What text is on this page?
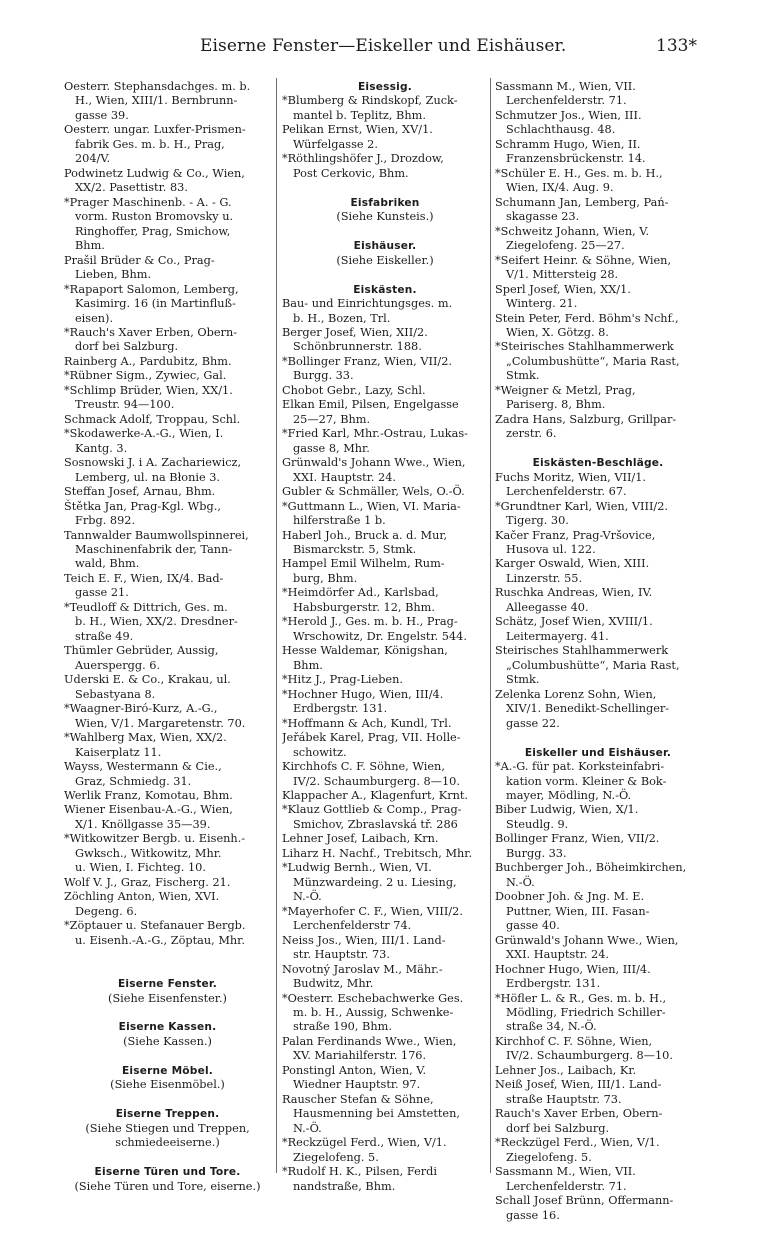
Eiserne Fenster—Eiskeller und Eishäuser.	133*
Oesterr. Stephansdachges. m. b.
H., Wien, XIII/1. Bernbrunn-
gasse 39.
Oesterr. ungar. Luxfer-Prismen-
fabrik Ges. m. b. H., Prag,
204/V.
Podwinetz Ludwig & Co., Wien,
XX/2. Pasettistr. 83.
*Prager Maschinenb. - A. - G.
vorm. Ruston Bromovsky u.
Ringhoffer, Prag, Smichow,
Bhm.
Prašil Brüder & Co., Prag-
Lieben, Bhm.
*Rapaport Salomon, Lemberg,
Kasimirg. 16 (in Martinfluß-
eisen).
*Rauch's Xaver Erben, Obern-
dorf bei Salzburg.
Rainberg A., Pardubitz, Bhm.
*Rübner Sigm., Zywiec, Gal.
*Schlimp Brüder, Wien, XX/1.
Treustr. 94—100.
Schmack Adolf, Troppau, Schl.
*Skodawerke-A.-G., Wien, I.
Kantg. 3.
Sosnowski J. i A. Zachariewicz,
Lemberg, ul. na Błonie 3.
Steffan Josef, Arnau, Bhm.
Štětka Jan, Prag-Kgl. Wbg.,
Frbg. 892.
Tannwalder Baumwollspinnerei,
Maschinenfabrik der, Tann-
wald, Bhm.
Teich E. F., Wien, IX/4. Bad-
gasse 21.
*Teudloff & Dittrich, Ges. m.
b. H., Wien, XX/2. Dresdner-
straße 49.
Thümler Gebrüder, Aussig,
Auerspergg. 6.
Uderski E. & Co., Krakau, ul.
Sebastyana 8.
*Waagner-Biró-Kurz, A.-G.,
Wien, V/1. Margaretenstr. 70.
*Wahlberg Max, Wien, XX/2.
Kaiserplatz 11.
Wayss, Westermann & Cie.,
Graz, Schmiedg. 31.
Werlik Franz, Komotau, Bhm.
Wiener Eisenbau-A.-G., Wien,
X/1. Knöllgasse 35—39.
*Witkowitzer Bergb. u. Eisenh.-
Gwksch., Witkowitz, Mhr.
u. Wien, I. Fichteg. 10.
Wolf V. J., Graz, Fischerg. 21.
Zöchling Anton, Wien, XVI.
Degeng. 6.
*Zöptauer u. Stefanauer Bergb.
u. Eisenh.-A.-G., Zöptau, Mhr.
Eiserne Fenster.
(Siehe Eisenfenster.)
Eiserne Kassen.
(Siehe Kassen.)
Eiserne Möbel.
(Siehe Eisenmöbel.)
Eiserne Treppen.
(Siehe Stiegen und Treppen,
schmiedeeiserne.)
Eiserne Türen und Tore.
(Siehe Türen und Tore, eiserne.)
Eisessig.
*Blumberg & Rindskopf, Zuck-
mantel b. Teplitz, Bhm.
Pelikan Ernst, Wien, XV/1.
Würfelgasse 2.
*Röthlingshöfer J., Drozdow,
Post Cerkovic, Bhm.
Eisfabriken
(Siehe Kunsteis.)
Eishäuser.
(Siehe Eiskeller.)
Eiskästen.
Bau- und Einrichtungsges. m.
b. H., Bozen, Trl.
Berger Josef, Wien, XII/2.
Schönbrunnerstr. 188.
*Bollinger Franz, Wien, VII/2.
Burgg. 33.
Chobot Gebr., Lazy, Schl.
Elkan Emil, Pilsen, Engelgasse
25—27, Bhm.
*Fried Karl, Mhr.-Ostrau, Lukas-
gasse 8, Mhr.
Grünwald's Johann Wwe., Wien,
XXI. Hauptstr. 24.
Gubler & Schmäller, Wels, O.-Ö.
*Guttmann L., Wien, VI. Maria-
hilferstraße 1 b.
Haberl Joh., Bruck a. d. Mur,
Bismarckstr. 5, Stmk.
Hampel Emil Wilhelm, Rum-
burg, Bhm.
*Heimdörfer Ad., Karlsbad,
Habsburgerstr. 12, Bhm.
*Herold J., Ges. m. b. H., Prag-
Wrschowitz, Dr. Engelstr. 544.
Hesse Waldemar, Königshan,
Bhm.
*Hitz J., Prag-Lieben.
*Hochner Hugo, Wien, III/4.
Erdbergstr. 131.
*Hoffmann & Ach, Kundl, Trl.
Jeřábek Karel, Prag, VII. Holle-
schowitz.
Kirchhofs C. F. Söhne, Wien,
IV/2. Schaumburgerg. 8—10.
Klappacher A., Klagenfurt, Krnt.
*Klauz Gottlieb & Comp., Prag-
Smichov, Zbraslavská tř. 286
Lehner Josef, Laibach, Krn.
Liharz H. Nachf., Trebitsch, Mhr.
*Ludwig Bernh., Wien, VI.
Münzwardeing. 2 u. Liesing,
N.-Ö.
*Mayerhofer C. F., Wien, VIII/2.
Lerchenfelderstr 74.
Neiss Jos., Wien, III/1. Land-
str. Hauptstr. 73.
Novotný Jaroslav M., Mähr.-
Budwitz, Mhr.
*Oesterr. Eschebachwerke Ges.
m. b. H., Aussig, Schwenke-
straße 190, Bhm.
Palan Ferdinands Wwe., Wien,
XV. Mariahilferstr. 176.
Ponstingl Anton, Wien, V.
Wiedner Hauptstr. 97.
Rauscher Stefan & Söhne,
Hausmenning bei Amstetten,
N.-Ö.
*Reckzügel Ferd., Wien, V/1.
Ziegelofeng. 5.
*Rudolf H. K., Pilsen, Ferdi
nandstraße, Bhm.
Sassmann M., Wien, VII.
Lerchenfelderstr. 71.
Schmutzer Jos., Wien, III.
Schlachthausg. 48.
Schramm Hugo, Wien, II.
Franzensbrückenstr. 14.
*Schüler E. H., Ges. m. b. H.,
Wien, IX/4. Aug. 9.
Schumann Jan, Lemberg, Pań-
skagasse 23.
*Schweitz Johann, Wien, V.
Ziegelofeng. 25—27.
*Seifert Heinr. & Söhne, Wien,
V/1. Mittersteig 28.
Sperl Josef, Wien, XX/1.
Winterg. 21.
Stein Peter, Ferd. Böhm's Nchf.,
Wien, X. Götzg. 8.
*Steirisches Stahlhammerwerk
„Columbushütte“, Maria Rast,
Stmk.
*Weigner & Metzl, Prag,
Pariserg. 8, Bhm.
Zadra Hans, Salzburg, Grillpar-
zerstr. 6.
Eiskästen-Beschläge.
Fuchs Moritz, Wien, VII/1.
Lerchenfelderstr. 67.
*Grundtner Karl, Wien, VIII/2.
Tigerg. 30.
Kačer Franz, Prag-Vršovice,
Husova ul. 122.
Karger Oswald, Wien, XIII.
Linzerstr. 55.
Ruschka Andreas, Wien, IV.
Alleegasse 40.
Schätz, Josef Wien, XVIII/1.
Leitermayerg. 41.
Steirisches Stahlhammerwerk
„Columbushütte“, Maria Rast,
Stmk.
Zelenka Lorenz Sohn, Wien,
XIV/1. Benedikt-Schellinger-
gasse 22.
Eiskeller und Eishäuser.
*A.-G. für pat. Korksteinfabri-
kation vorm. Kleiner & Bok-
mayer, Mödling, N.-Ö.
Biber Ludwig, Wien, X/1.
Steudlg. 9.
Bollinger Franz, Wien, VII/2.
Burgg. 33.
Buchberger Joh., Böheimkirchen,
N.-Ö.
Doobner Joh. & Jng. M. E.
Puttner, Wien, III. Fasan-
gasse 40.
Grünwald's Johann Wwe., Wien,
XXI. Hauptstr. 24.
Hochner Hugo, Wien, III/4.
Erdbergstr. 131.
*Höfler L. & R., Ges. m. b. H.,
Mödling, Friedrich Schiller-
straße 34, N.-Ö.
Kirchhof C. F. Söhne, Wien,
IV/2. Schaumburgerg. 8—10.
Lehner Jos., Laibach, Kr.
Neiß Josef, Wien, III/1. Land-
straße Hauptstr. 73.
Rauch's Xaver Erben, Obern-
dorf bei Salzburg.
*Reckzügel Ferd., Wien, V/1.
Ziegelofeng. 5.
Sassmann M., Wien, VII.
Lerchenfelderstr. 71.
Schall Josef Brünn, Offermann-
gasse 16.
